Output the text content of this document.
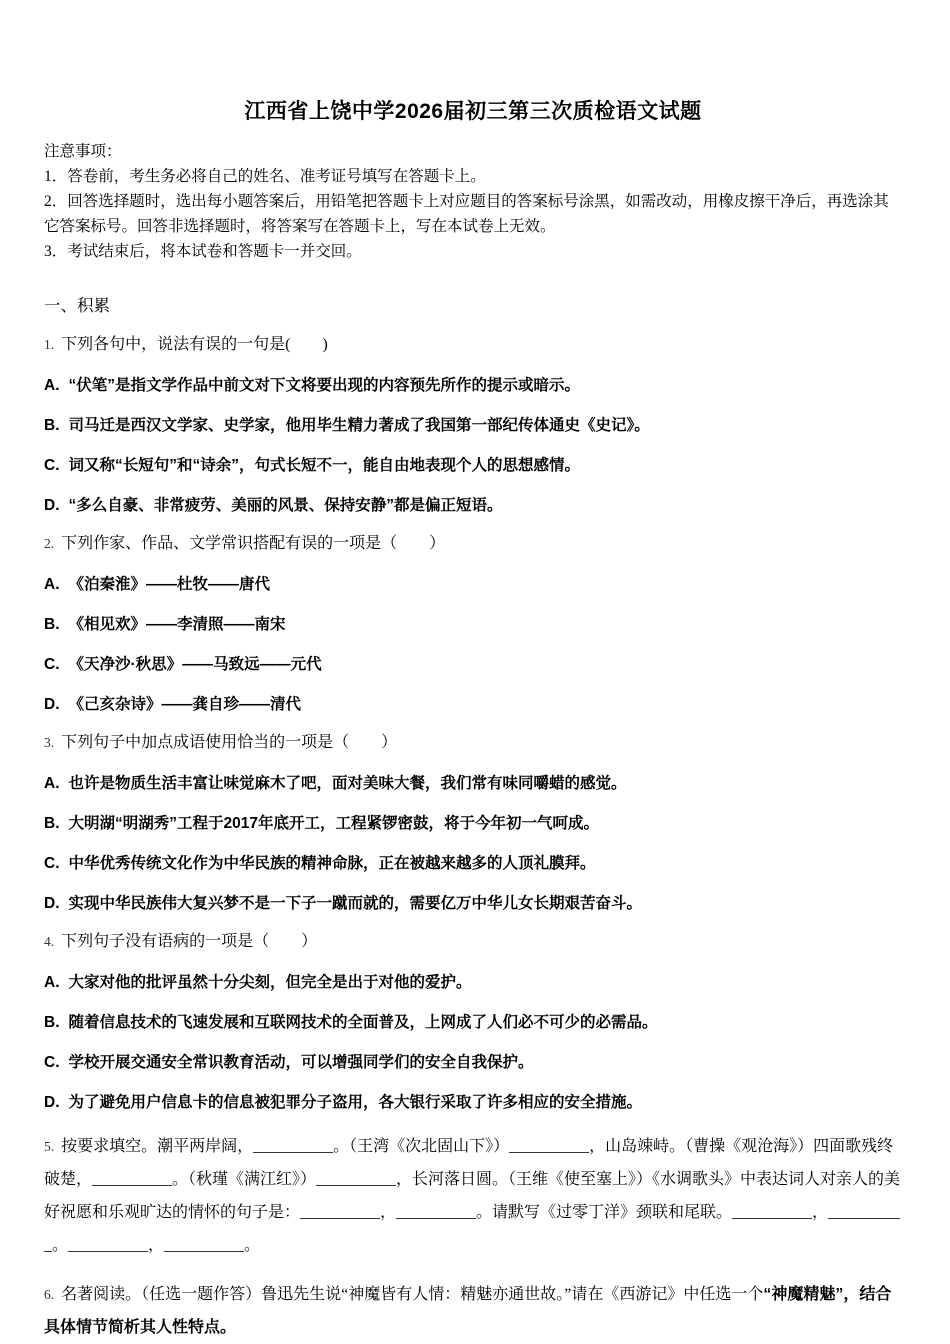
江西省上饶中学2026届初三第三次质检语文试题
注意事项：

1．答卷前，考生务必将自己的姓名、准考证号填写在答题卡上。

2．回答选择题时，选出每小题答案后，用铅笔把答题卡上对应题目的答案标号涂黑，如需改动，用橡皮擦干净后，再选涂其它答案标号。回答非选择题时，将答案写在答题卡上，写在本试卷上无效。

3．考试结束后，将本试卷和答题卡一并交回。

一、积累

1. 下列各句中，说法有误的一句是(　　)

A. “伏笔”是指文学作品中前文对下文将要出现的内容预先所作的提示或暗示。

B. 司马迁是西汉文学家、史学家，他用毕生精力著成了我国第一部纪传体通史《史记》。

C. 词又称“长短句”和“诗余”，句式长短不一，能自由地表现个人的思想感情。

D. “多么自豪、非常疲劳、美丽的风景、保持安静”都是偏正短语。

2. 下列作家、作品、文学常识搭配有误的一项是（　　）

A. 《泊秦淮》——杜牧——唐代

B. 《相见欢》——李清照——南宋

C. 《天净沙·秋思》——马致远——元代

D. 《己亥杂诗》——龚自珍——清代

3. 下列句子中加点成语使用恰当的一项是（　　）

A. 也许是物质生活丰富让味觉麻木了吧，面对美味大餐，我们常有味同嚼蜡的感觉。

B. 大明湖“明湖秀”工程于2017年底开工，工程紧锣密鼓，将于今年初一气呵成。

C. 中华优秀传统文化作为中华民族的精神命脉，正在被越来越多的人顶礼膜拜。

D. 实现中华民族伟大复兴梦不是一下子一蹴而就的，需要亿万中华儿女长期艰苦奋斗。

4. 下列句子没有语病的一项是（　　）

A. 大家对他的批评虽然十分尖刻，但完全是出于对他的爱护。

B. 随着信息技术的飞速发展和互联网技术的全面普及，上网成了人们必不可少的必需品。

C. 学校开展交通安全常识教育活动，可以增强同学们的安全自我保护。

D. 为了避免用户信息卡的信息被犯罪分子盗用，各大银行采取了许多相应的安全措施。

5. 按要求填空。潮平两岸阔，__________。（王湾《次北固山下》）__________，山岛竦峙。（曹操《观沧海》）四面歌残终破楚，__________。（秋瑾《满江红》）__________，长河落日圆。（王维《使至塞上》）《水调歌头》中表达词人对亲人的美好祝愿和乐观旷达的情怀的句子是：__________，__________。请默写《过零丁洋》颈联和尾联。__________，__________。__________，__________。

6. 名著阅读。（任选一题作答）鲁迅先生说“神魔皆有人情：精魅亦通世故。”请在《西游记》中任选一个“神魔精魅”，结合具体情节简析其人性特点。
